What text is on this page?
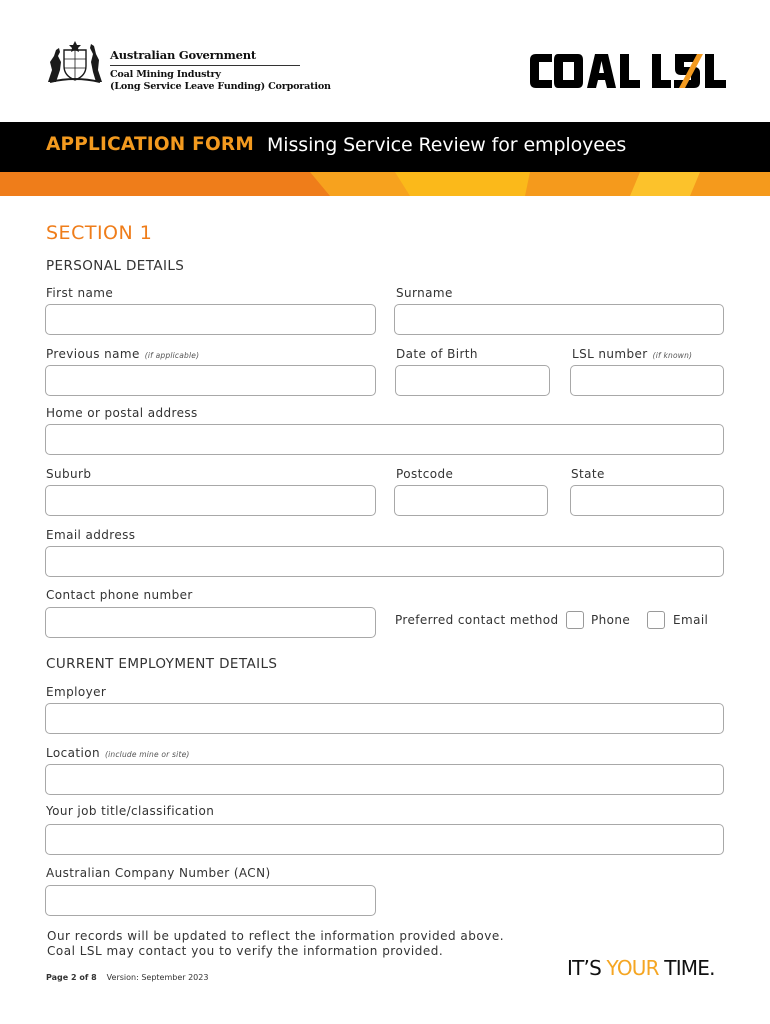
Australian Government
Coal Mining Industry
(Long Service Leave Funding) Corporation
APPLICATION FORM Missing Service Review for employees
SECTION 1
PERSONAL DETAILS
First name	Surname
Previous name (if applicable)	Date of Birth	LSL number (if known)
Home or postal address
Suburb	Postcode	State
Email address
Contact phone number
Preferred contact method	Phone	Email
CURRENT EMPLOYMENT DETAILS
Employer
Location (include mine or site)
Your job title/classification
Australian Company Number (ACN)
Our records will be updated to reflect the information provided above.
Coal LSL may contact you to verify the information provided.
Page 2 of 8 Version: September 2023	IT’S YOUR TIME.
